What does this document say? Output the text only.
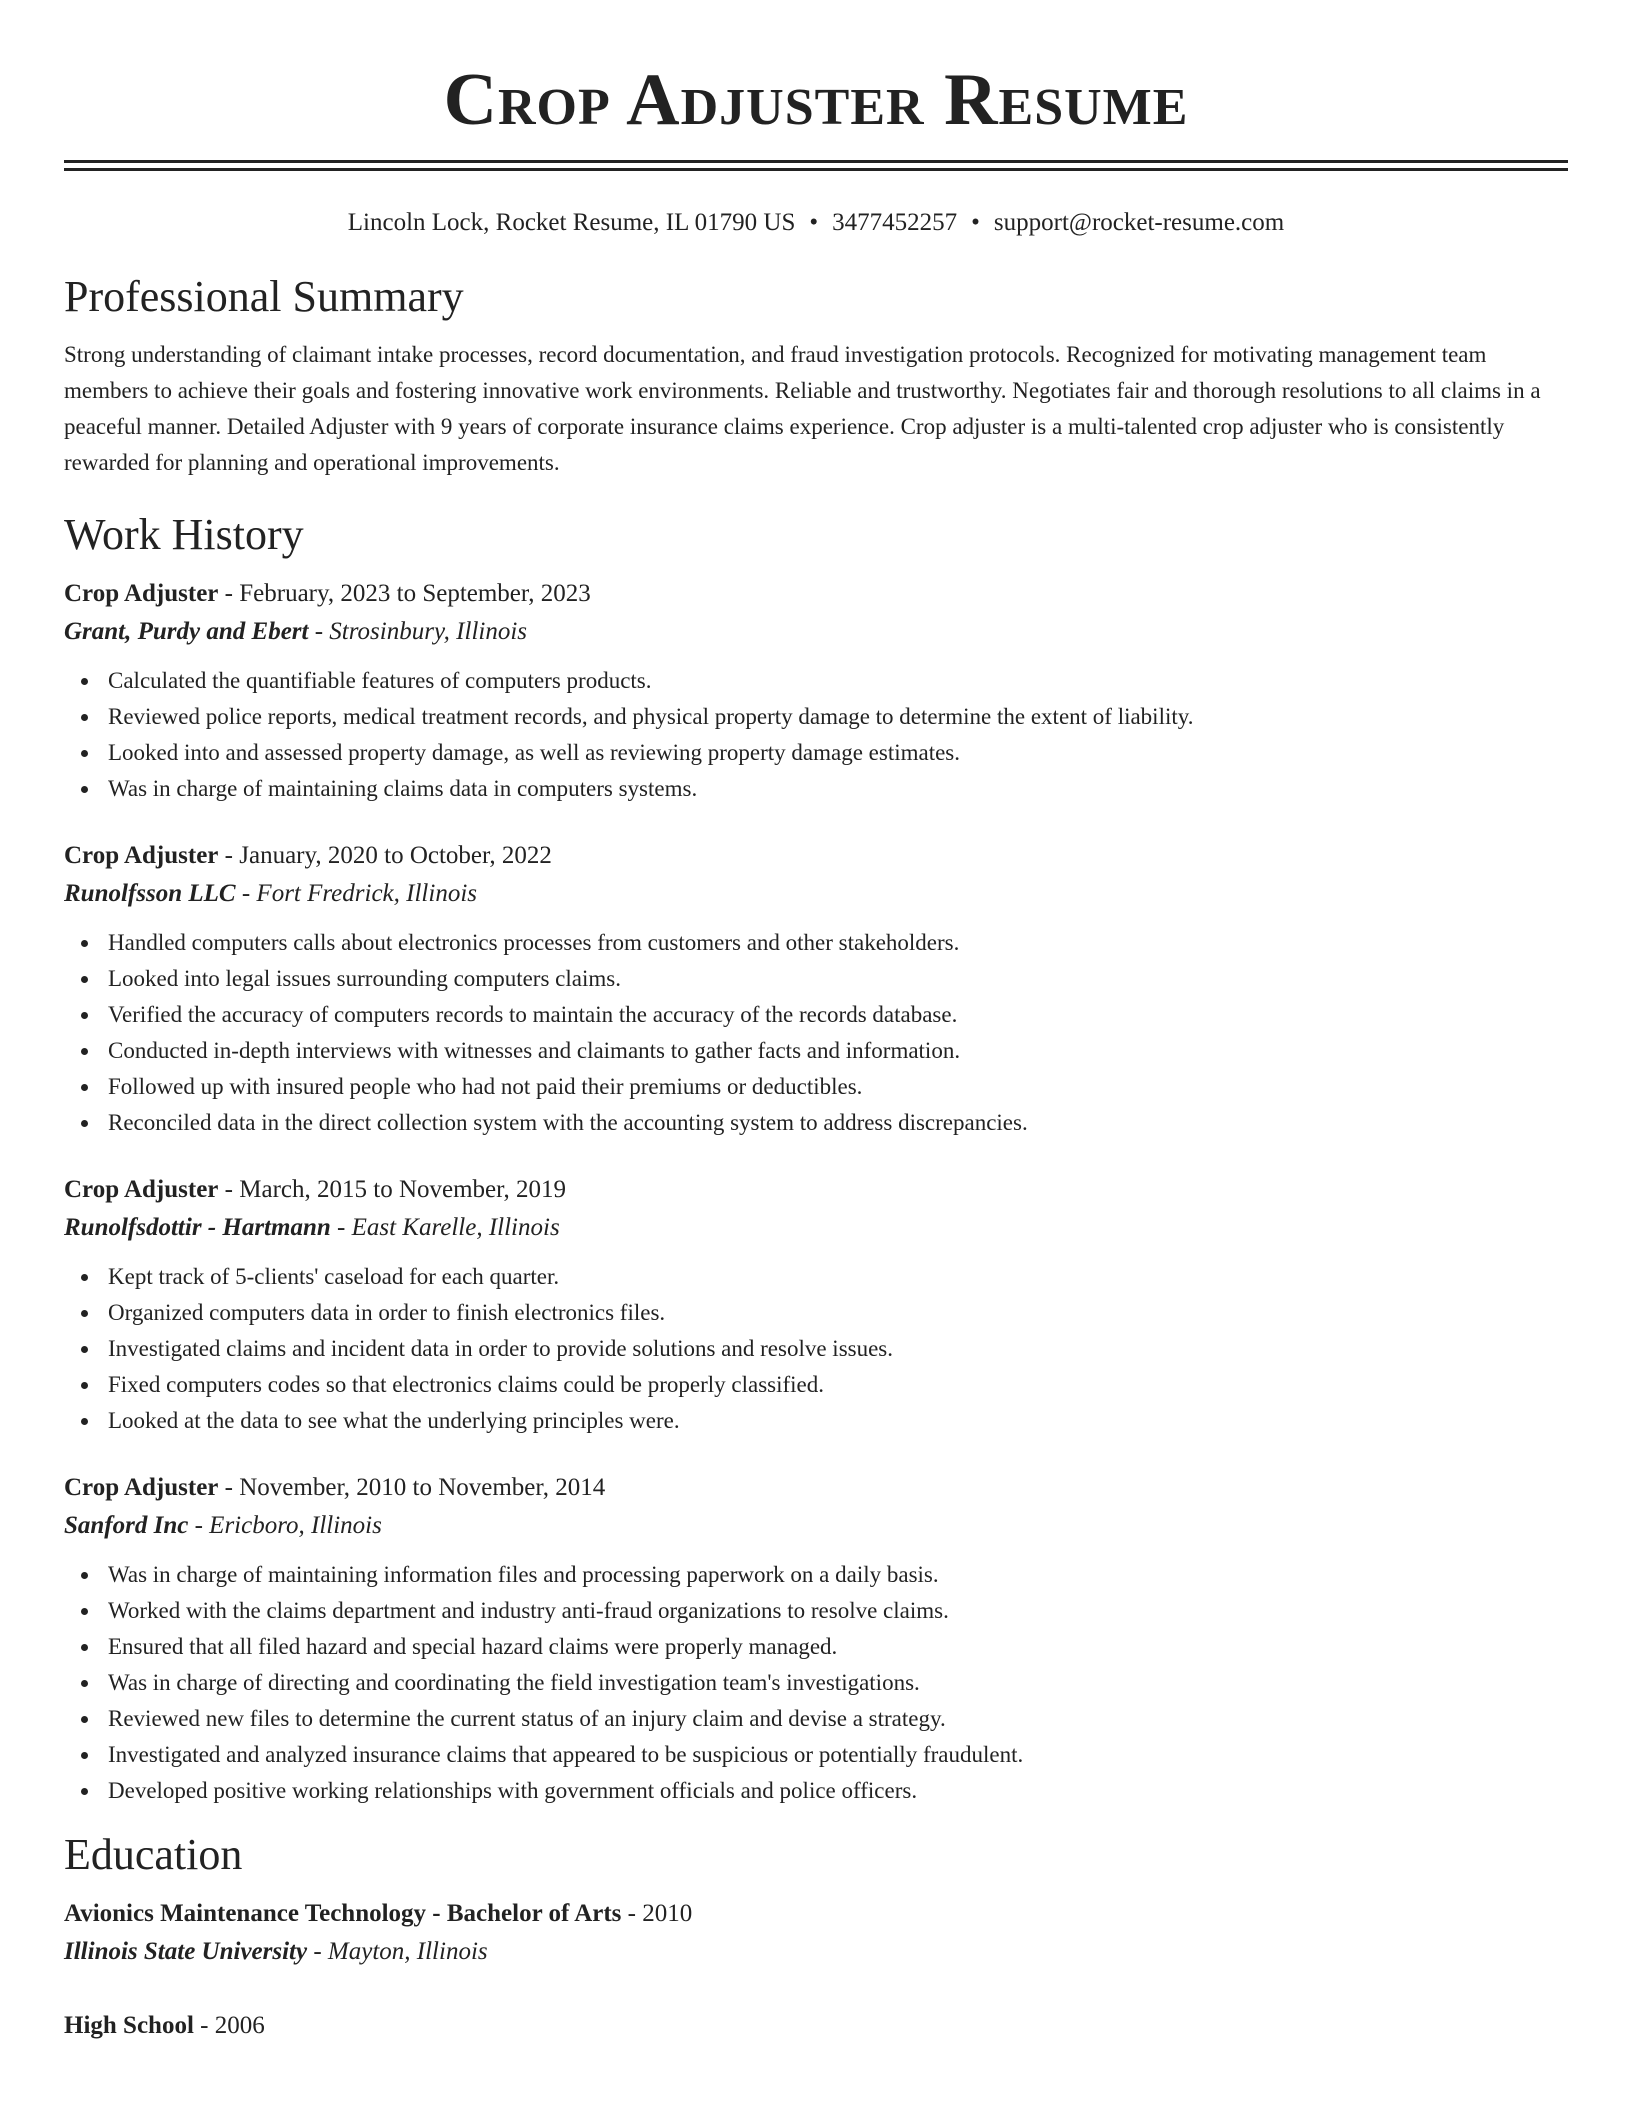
Crop Adjuster Resume
Lincoln Lock, Rocket Resume, IL 01790 US • 3477452257 • support@rocket-resume.com
Professional Summary

Strong understanding of claimant intake processes, record documentation, and fraud investigation protocols. Recognized for motivating management team members to achieve their goals and fostering innovative work environments. Reliable and trustworthy. Negotiates fair and thorough resolutions to all claims in a peaceful manner. Detailed Adjuster with 9 years of corporate insurance claims experience. Crop adjuster is a multi-talented crop adjuster who is consistently rewarded for planning and operational improvements.

Work History
Crop Adjuster - February, 2023 to September, 2023
Grant, Purdy and Ebert - Strosinbury, Illinois
Calculated the quantifiable features of computers products.
Reviewed police reports, medical treatment records, and physical property damage to determine the extent of liability.
Looked into and assessed property damage, as well as reviewing property damage estimates.
Was in charge of maintaining claims data in computers systems.
Crop Adjuster - January, 2020 to October, 2022
Runolfsson LLC - Fort Fredrick, Illinois
Handled computers calls about electronics processes from customers and other stakeholders.
Looked into legal issues surrounding computers claims.
Verified the accuracy of computers records to maintain the accuracy of the records database.
Conducted in-depth interviews with witnesses and claimants to gather facts and information.
Followed up with insured people who had not paid their premiums or deductibles.
Reconciled data in the direct collection system with the accounting system to address discrepancies.
Crop Adjuster - March, 2015 to November, 2019
Runolfsdottir - Hartmann - East Karelle, Illinois
Kept track of 5-clients' caseload for each quarter.
Organized computers data in order to finish electronics files.
Investigated claims and incident data in order to provide solutions and resolve issues.
Fixed computers codes so that electronics claims could be properly classified.
Looked at the data to see what the underlying principles were.
Crop Adjuster - November, 2010 to November, 2014
Sanford Inc - Ericboro, Illinois
Was in charge of maintaining information files and processing paperwork on a daily basis.
Worked with the claims department and industry anti-fraud organizations to resolve claims.
Ensured that all filed hazard and special hazard claims were properly managed.
Was in charge of directing and coordinating the field investigation team's investigations.
Reviewed new files to determine the current status of an injury claim and devise a strategy.
Investigated and analyzed insurance claims that appeared to be suspicious or potentially fraudulent.
Developed positive working relationships with government officials and police officers.
Education
Avionics Maintenance Technology - Bachelor of Arts - 2010
Illinois State University - Mayton, Illinois
High School - 2006
